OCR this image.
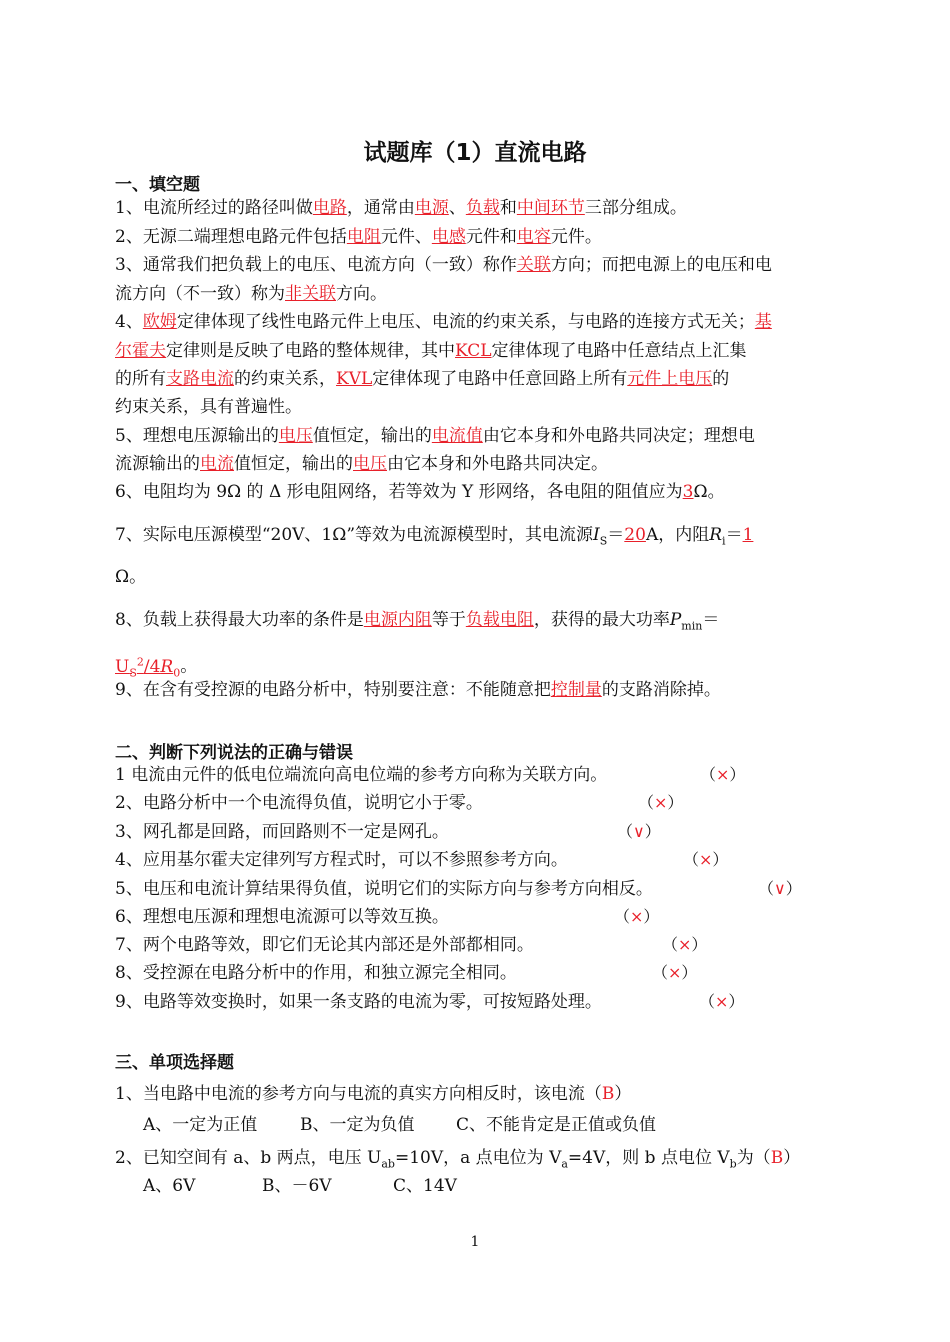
试题库（1）直流电路
一、填空题
1、电流所经过的路径叫做电路，通常由电源、负载和中间环节三部分组成。
2、无源二端理想电路元件包括电阻元件、电感元件和电容元件。
3、通常我们把负载上的电压、电流方向（一致）称作关联方向；而把电源上的电压和电
流方向（不一致）称为非关联方向。
4、欧姆定律体现了线性电路元件上电压、电流的约束关系，与电路的连接方式无关；基
尔霍夫定律则是反映了电路的整体规律，其中KCL定律体现了电路中任意结点上汇集
的所有支路电流的约束关系，KVL定律体现了电路中任意回路上所有元件上电压的
约束关系，具有普遍性。
5、理想电压源输出的电压值恒定，输出的电流值由它本身和外电路共同决定；理想电
流源输出的电流值恒定，输出的电压由它本身和外电路共同决定。
6、电阻均为 9Ω 的 Δ 形电阻网络，若等效为 Y 形网络，各电阻的阻值应为3Ω。
7、实际电压源模型“20V、1Ω”等效为电流源模型时，其电流源$I_S=20A$，内阻$R_i=1$
Ω。
8、负载上获得最大功率的条件是电源内阻等于负载电阻，获得的最大功率$P_{min}=$
$U_S^2/4R_0$。
9、在含有受控源的电路分析中，特别要注意：不能随意把控制量的支路消除掉。
二、判断下列说法的正确与错误
1 电流由元件的低电位端流向高电位端的参考方向称为关联方向。	（×）
2、电路分析中一个电流得负值，说明它小于零。	（×）
3、网孔都是回路，而回路则不一定是网孔。	（∨）
4、应用基尔霍夫定律列写方程式时，可以不参照参考方向。	（×）
5、电压和电流计算结果得负值，说明它们的实际方向与参考方向相反。	（∨）
6、理想电压源和理想电流源可以等效互换。	（×）
7、两个电路等效，即它们无论其内部还是外部都相同。	（×）
8、受控源在电路分析中的作用，和独立源完全相同。	（×）
9、电路等效变换时，如果一条支路的电流为零，可按短路处理。	（×）
三、单项选择题
1、当电路中电流的参考方向与电流的真实方向相反时，该电流（B）
A、一定为正值	B、一定为负值 C、不能肯定是正值或负值
2、已知空间有 a、b 两点，电压 $U_{ab}=10V$，a 点电位为 $V_a=4V$，则 b 点电位 $V_b$为（B）
A、6V	B、－6V	C、14V
1
